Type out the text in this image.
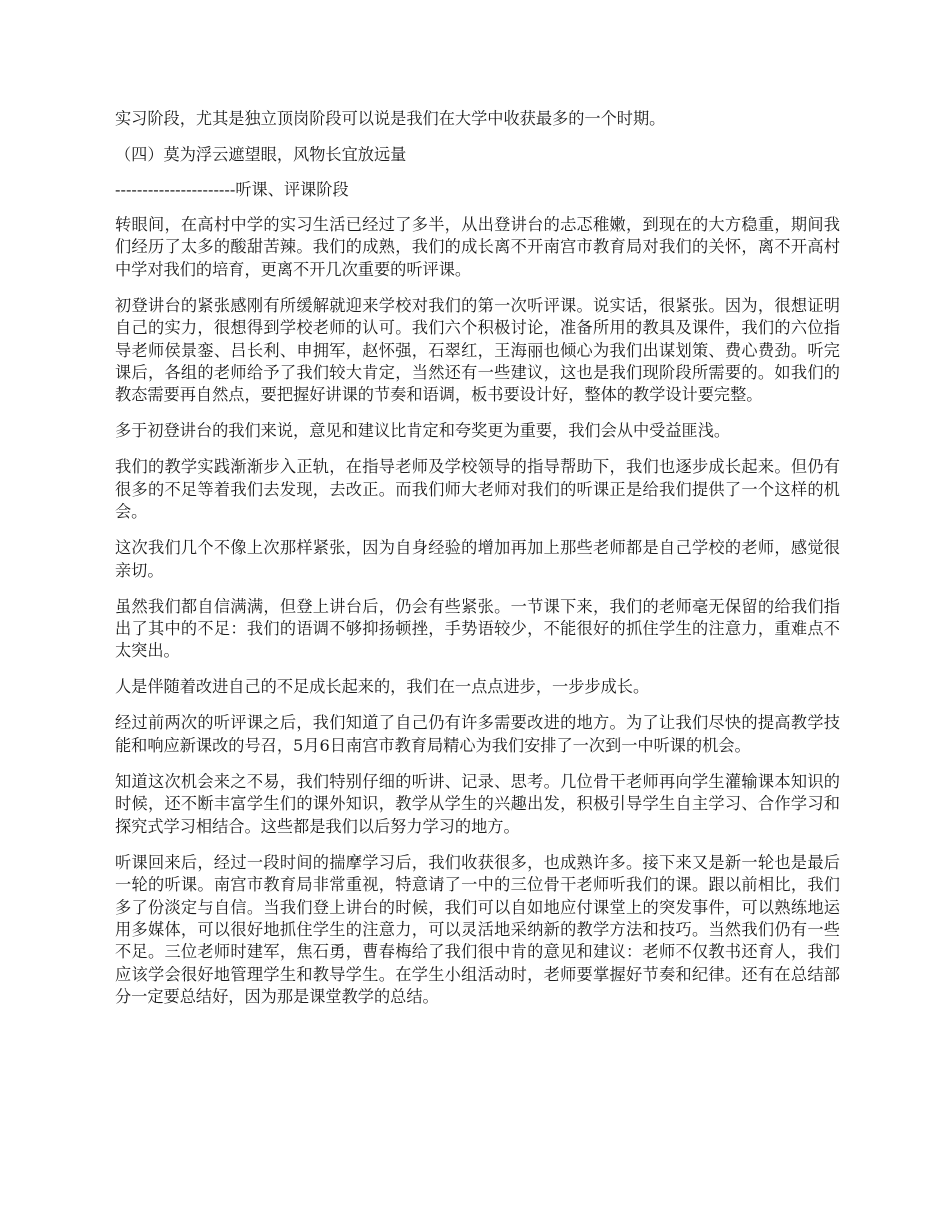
实习阶段，尤其是独立顶岗阶段可以说是我们在大学中收获最多的一个时期。

（四）莫为浮云遮望眼，风物长宜放远量

----------------------听课、评课阶段

转眼间，在高村中学的实习生活已经过了多半，从出登讲台的忐忑稚嫩，到现在的大方稳重，期间我们经历了太多的酸甜苦辣。我们的成熟，我们的成长离不开南宫市教育局对我们的关怀，离不开高村中学对我们的培育，更离不开几次重要的听评课。

初登讲台的紧张感刚有所缓解就迎来学校对我们的第一次听评课。说实话，很紧张。因为，很想证明自己的实力，很想得到学校老师的认可。我们六个积极讨论，准备所用的教具及课件，我们的六位指导老师侯景銮、吕长利、申拥军，赵怀强，石翠红，王海丽也倾心为我们出谋划策、费心费劲。听完课后，各组的老师给予了我们较大肯定，当然还有一些建议，这也是我们现阶段所需要的。如我们的教态需要再自然点，要把握好讲课的节奏和语调，板书要设计好，整体的教学设计要完整。

多于初登讲台的我们来说，意见和建议比肯定和夸奖更为重要，我们会从中受益匪浅。

我们的教学实践渐渐步入正轨，在指导老师及学校领导的指导帮助下，我们也逐步成长起来。但仍有很多的不足等着我们去发现，去改正。而我们师大老师对我们的听课正是给我们提供了一个这样的机会。

这次我们几个不像上次那样紧张，因为自身经验的增加再加上那些老师都是自己学校的老师，感觉很亲切。

虽然我们都自信满满，但登上讲台后，仍会有些紧张。一节课下来，我们的老师毫无保留的给我们指出了其中的不足：我们的语调不够抑扬顿挫，手势语较少，不能很好的抓住学生的注意力，重难点不太突出。

人是伴随着改进自己的不足成长起来的，我们在一点点进步，一步步成长。

经过前两次的听评课之后，我们知道了自己仍有许多需要改进的地方。为了让我们尽快的提高教学技能和响应新课改的号召，5月6日南宫市教育局精心为我们安排了一次到一中听课的机会。

知道这次机会来之不易，我们特别仔细的听讲、记录、思考。几位骨干老师再向学生灌输课本知识的时候，还不断丰富学生们的课外知识，教学从学生的兴趣出发，积极引导学生自主学习、合作学习和探究式学习相结合。这些都是我们以后努力学习的地方。

听课回来后，经过一段时间的揣摩学习后，我们收获很多，也成熟许多。接下来又是新一轮也是最后一轮的听课。南宫市教育局非常重视，特意请了一中的三位骨干老师听我们的课。跟以前相比，我们多了份淡定与自信。当我们登上讲台的时候，我们可以自如地应付课堂上的突发事件，可以熟练地运用多媒体，可以很好地抓住学生的注意力，可以灵活地采纳新的教学方法和技巧。当然我们仍有一些不足。三位老师时建军，焦石勇，曹春梅给了我们很中肯的意见和建议：老师不仅教书还育人，我们应该学会很好地管理学生和教导学生。在学生小组活动时，老师要掌握好节奏和纪律。还有在总结部分一定要总结好，因为那是课堂教学的总结。
